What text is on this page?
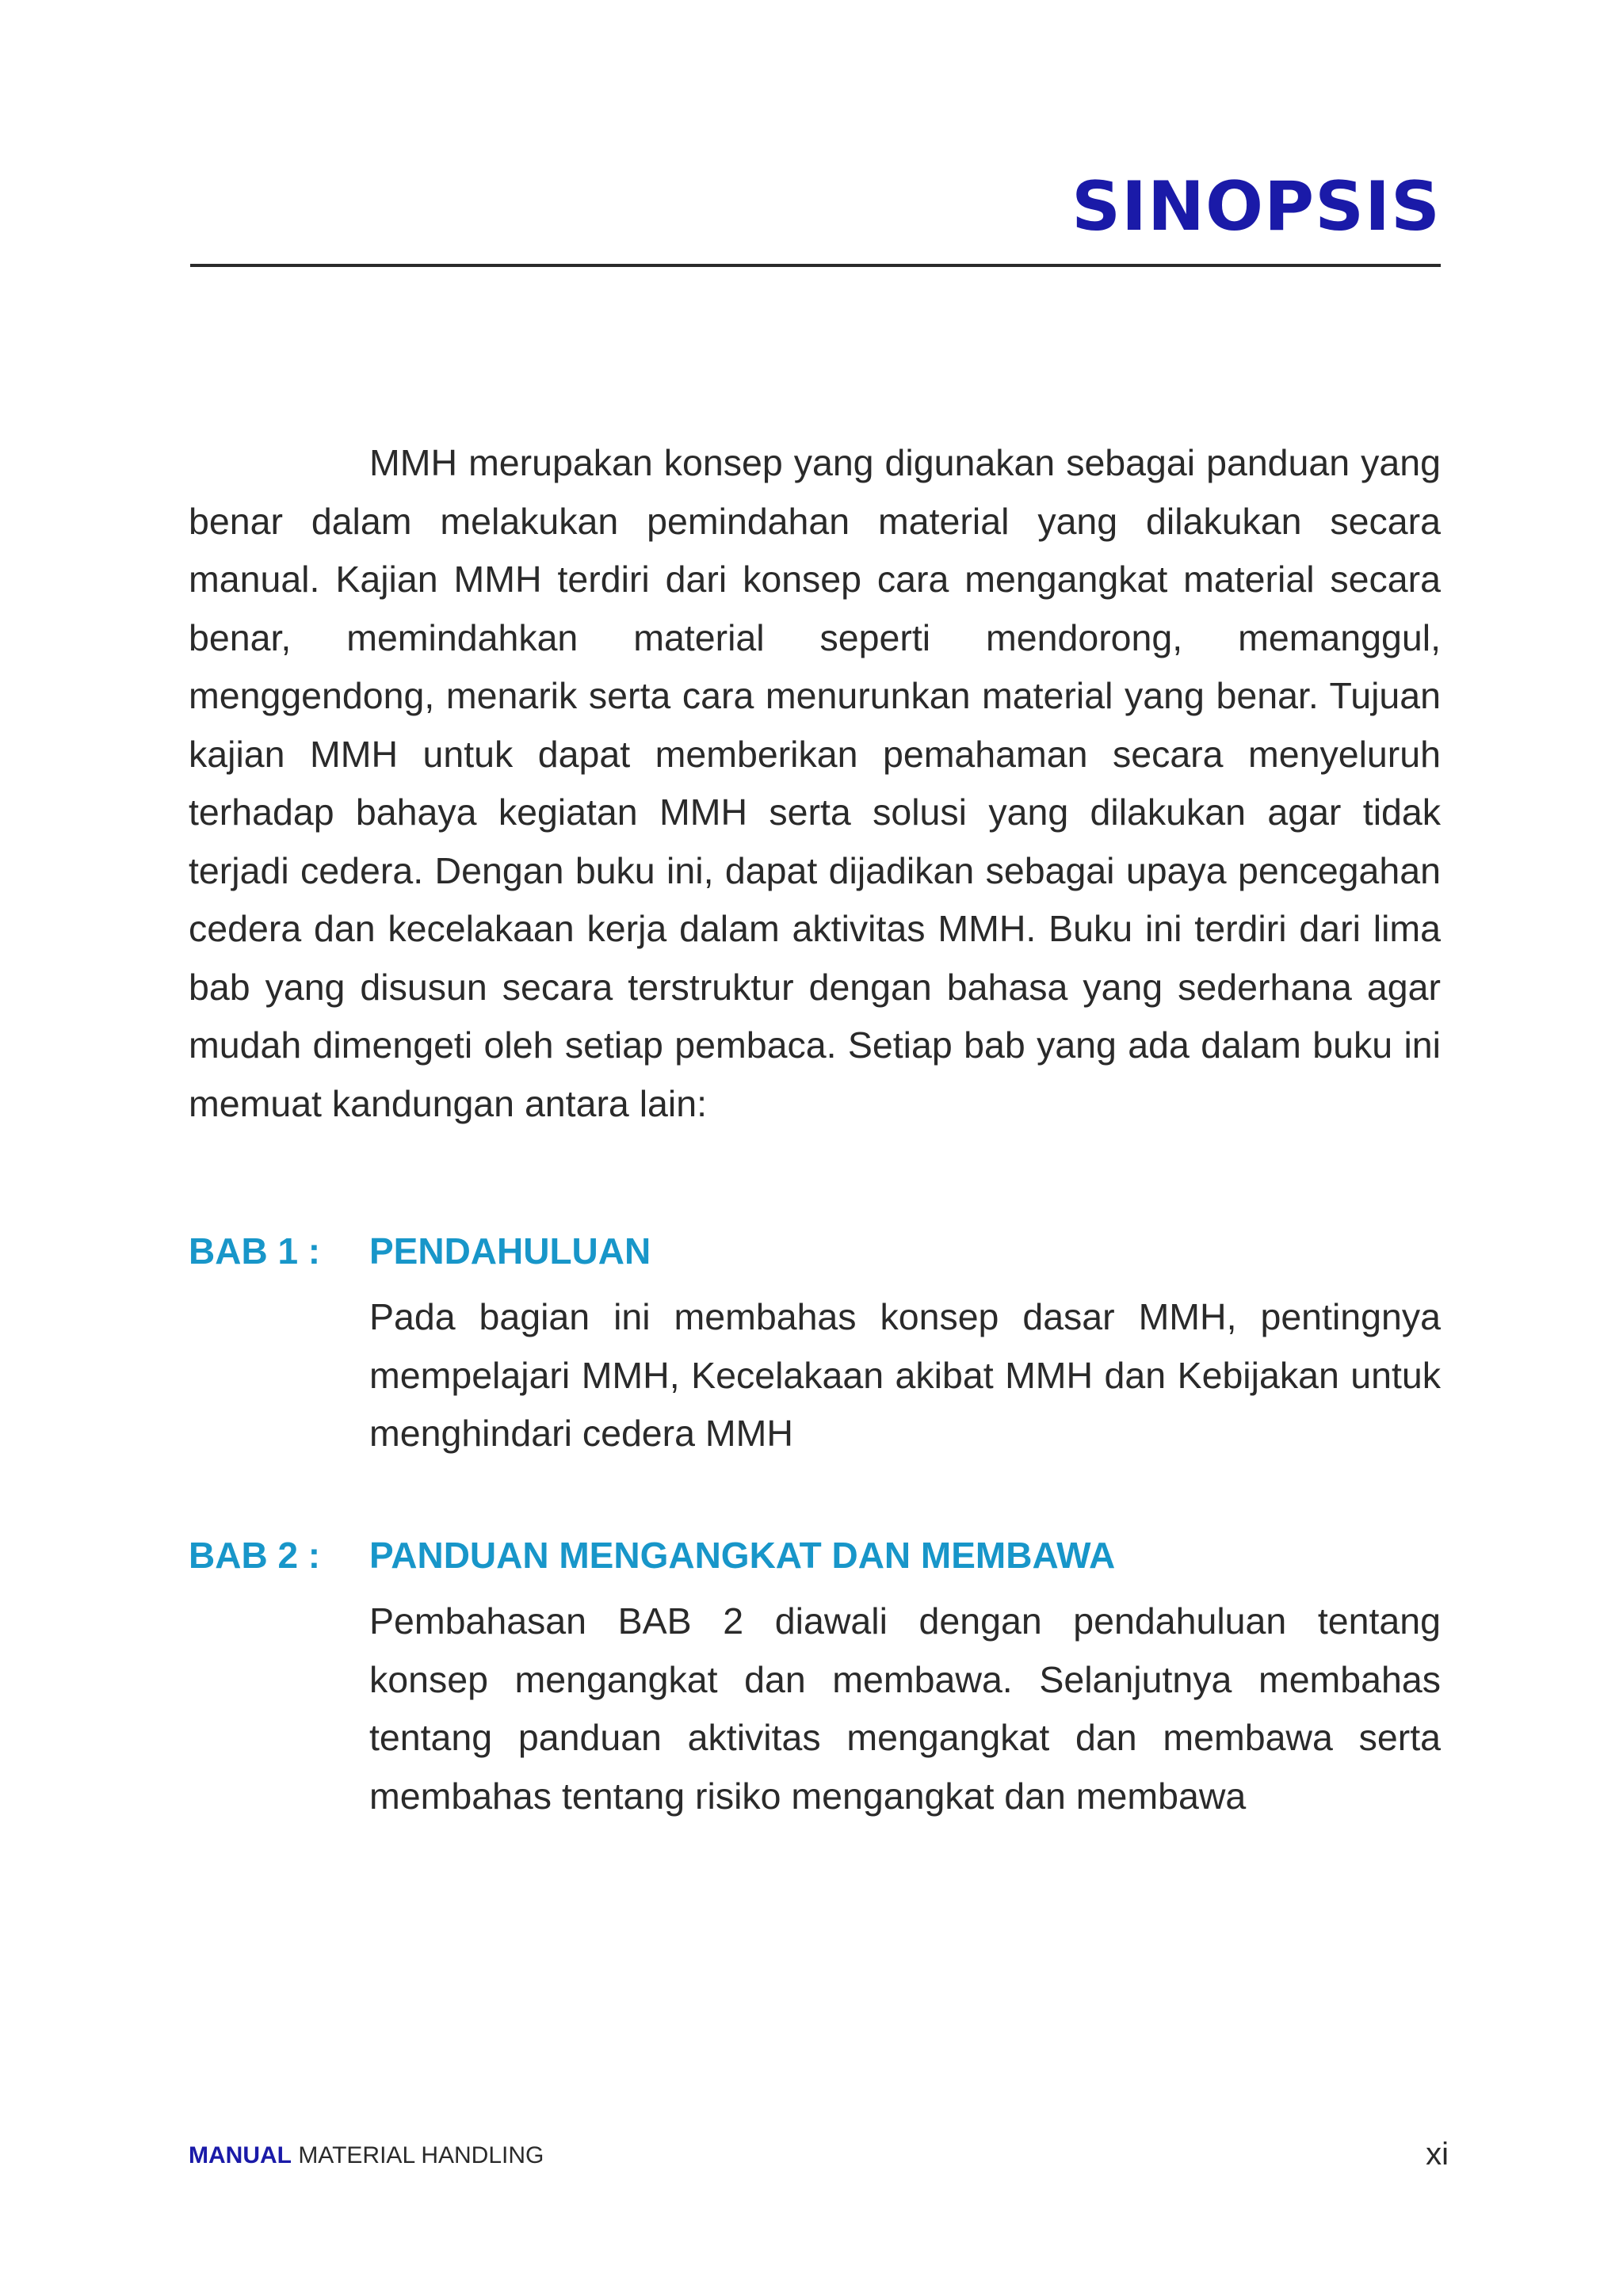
SINOPSIS

MMH merupakan konsep yang digunakan sebagai panduan yang benar dalam melakukan pemindahan material yang dilakukan secara manual. Kajian MMH terdiri dari konsep cara mengangkat material secara benar, memindahkan material seperti mendorong, memanggul, menggendong, menarik serta cara menurunkan material yang benar. Tujuan kajian MMH untuk dapat memberikan pemahaman secara menyeluruh terhadap bahaya kegiatan MMH serta solusi yang dilakukan agar tidak terjadi cedera. Dengan buku ini, dapat dijadikan sebagai upaya pencegahan cedera dan kecelakaan kerja dalam aktivitas MMH. Buku ini terdiri dari lima bab yang disusun secara terstruktur dengan bahasa yang sederhana agar mudah dimengeti oleh setiap pembaca. Setiap bab yang ada dalam buku ini memuat kandungan antara lain:

BAB 1 :	PENDAHULUAN

Pada bagian ini membahas konsep dasar MMH, pentingnya mempelajari MMH, Kecelakaan akibat MMH dan Kebijakan untuk menghindari cedera MMH

BAB 2 :	PANDUAN MENGANGKAT DAN MEMBAWA

Pembahasan BAB 2 diawali dengan pendahuluan tentang konsep mengangkat dan membawa. Selanjutnya membahas tentang panduan aktivitas mengangkat dan membawa serta membahas tentang risiko mengangkat dan membawa

MANUAL MATERIAL HANDLING	xi
